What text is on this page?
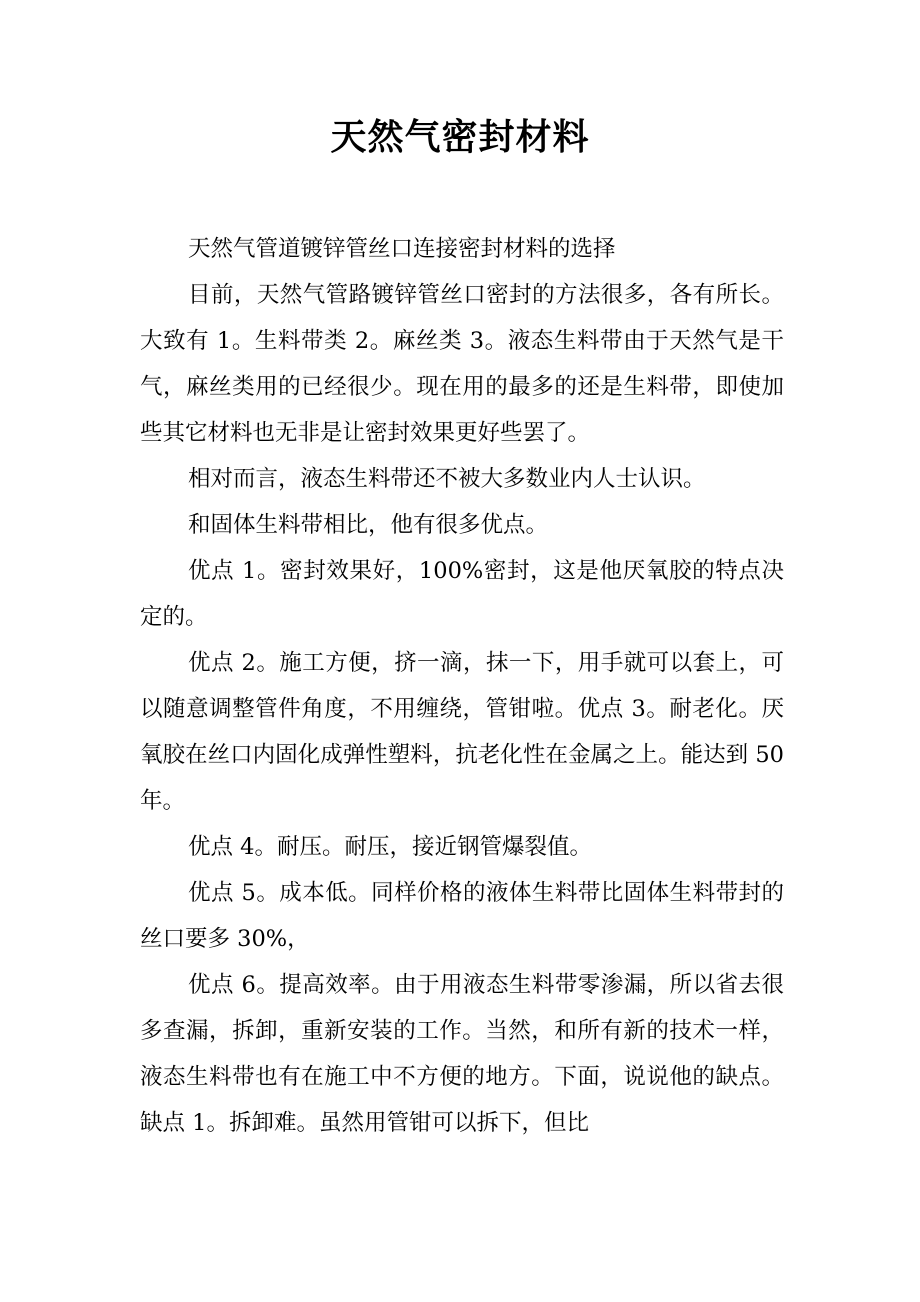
天然气密封材料

天然气管道镀锌管丝口连接密封材料的选择

目前，天然气管路镀锌管丝口密封的方法很多，各有所长。大致有 1。生料带类 2。麻丝类 3。液态生料带由于天然气是干气，麻丝类用的已经很少。现在用的最多的还是生料带，即使加些其它材料也无非是让密封效果更好些罢了。

相对而言，液态生料带还不被大多数业内人士认识。

和固体生料带相比，他有很多优点。

优点 1。密封效果好，100%密封，这是他厌氧胶的特点决定的。

优点 2。施工方便，挤一滴，抹一下，用手就可以套上，可以随意调整管件角度，不用缠绕，管钳啦。优点 3。耐老化。厌氧胶在丝口内固化成弹性塑料，抗老化性在金属之上。能达到 50 年。

优点 4。耐压。耐压，接近钢管爆裂值。

优点 5。成本低。同样价格的液体生料带比固体生料带封的丝口要多 30%，

优点 6。提高效率。由于用液态生料带零渗漏，所以省去很多查漏，拆卸，重新安装的工作。当然，和所有新的技术一样，液态生料带也有在施工中不方便的地方。下面，说说他的缺点。缺点 1。拆卸难。虽然用管钳可以拆下，但比
